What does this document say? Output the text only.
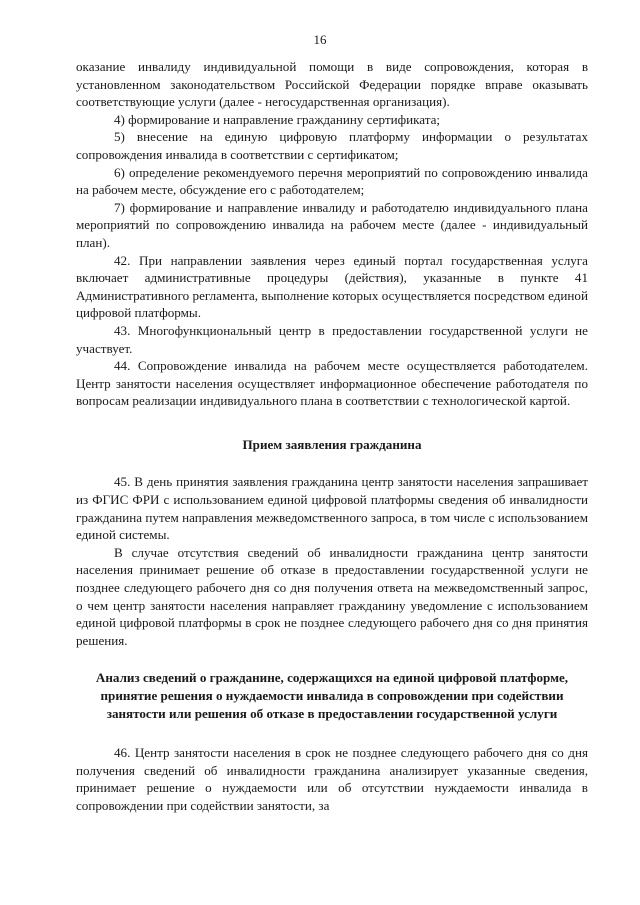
16

оказание инвалиду индивидуальной помощи в виде сопровождения, которая в установленном законодательством Российской Федерации порядке вправе оказывать соответствующие услуги (далее - негосударственная организация).

4) формирование и направление гражданину сертификата;

5) внесение на единую цифровую платформу информации о результатах сопровождения инвалида в соответствии с сертификатом;

6) определение рекомендуемого перечня мероприятий по сопровождению инвалида на рабочем месте, обсуждение его с работодателем;

7) формирование и направление инвалиду и работодателю индивидуального плана мероприятий по сопровождению инвалида на рабочем месте (далее - индивидуальный план).

42. При направлении заявления через единый портал государственная услуга включает административные процедуры (действия), указанные в пункте 41 Административного регламента, выполнение которых осуществляется посредством единой цифровой платформы.

43. Многофункциональный центр в предоставлении государственной услуги не участвует.

44. Сопровождение инвалида на рабочем месте осуществляется работодателем. Центр занятости населения осуществляет информационное обеспечение работодателя по вопросам реализации индивидуального плана в соответствии с технологической картой.

Прием заявления гражданина

45. В день принятия заявления гражданина центр занятости населения запрашивает из ФГИС ФРИ с использованием единой цифровой платформы сведения об инвалидности гражданина путем направления межведомственного запроса, в том числе с использованием единой системы.

В случае отсутствия сведений об инвалидности гражданина центр занятости населения принимает решение об отказе в предоставлении государственной услуги не позднее следующего рабочего дня со дня получения ответа на межведомственный запрос, о чем центр занятости населения направляет гражданину уведомление с использованием единой цифровой платформы в срок не позднее следующего рабочего дня со дня принятия решения.

Анализ сведений о гражданине, содержащихся на единой цифровой платформе, принятие решения о нуждаемости инвалида в сопровождении при содействии занятости или решения об отказе в предоставлении государственной услуги

46. Центр занятости населения в срок не позднее следующего рабочего дня со дня получения сведений об инвалидности гражданина анализирует указанные сведения, принимает решение о нуждаемости или об отсутствии нуждаемости инвалида в сопровождении при содействии занятости, за
